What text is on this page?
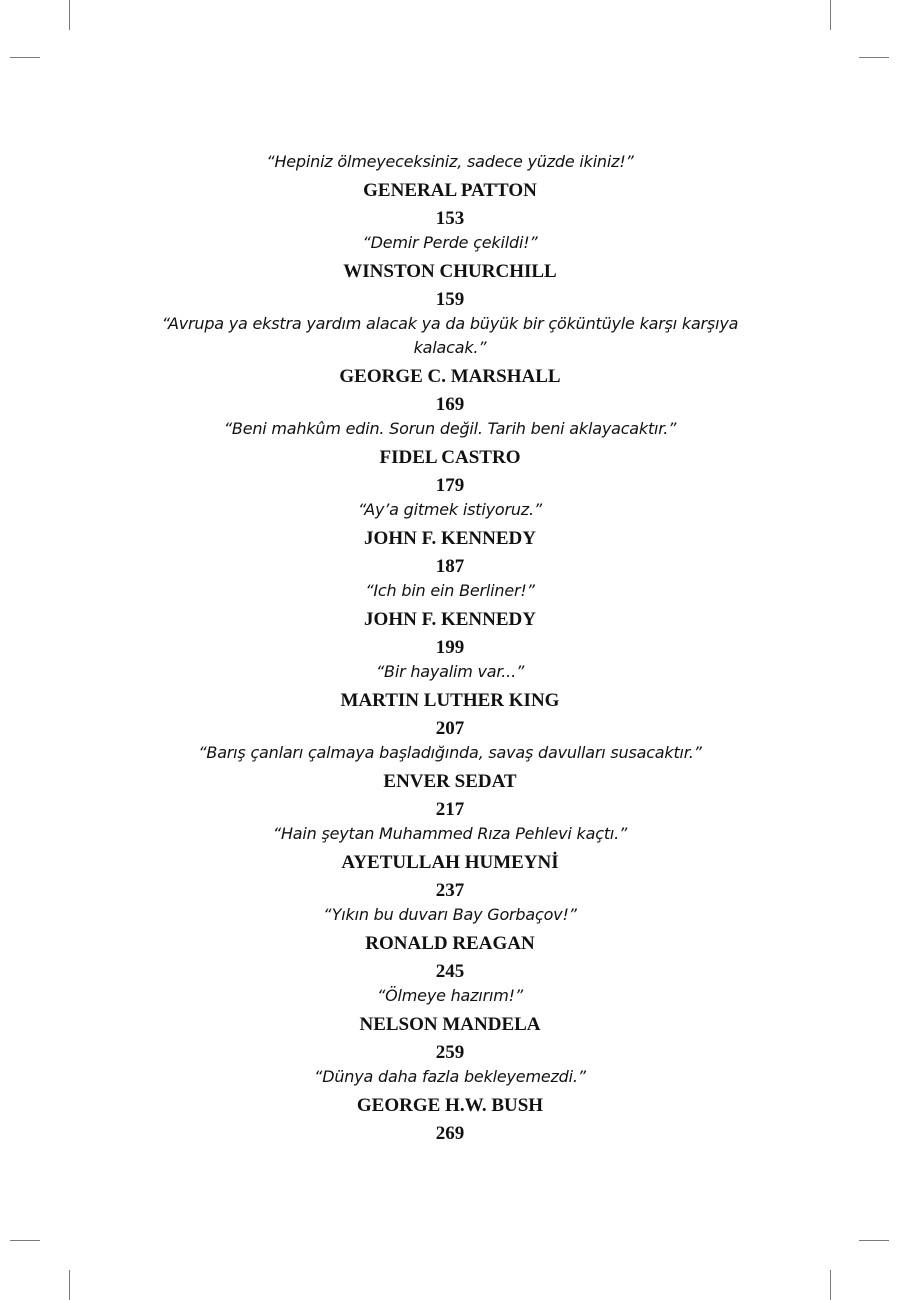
“Hepiniz ölmeyeceksiniz, sadece yüzde ikiniz!”

GENERAL PATTON

153

“Demir Perde çekildi!”

WINSTON CHURCHILL

159

“Avrupa ya ekstra yardım alacak ya da büyük bir çöküntüyle karşı karşıya kalacak.”

GEORGE C. MARSHALL

169

“Beni mahkûm edin. Sorun değil. Tarih beni aklayacaktır.”

FIDEL CASTRO

179

“Ay’a gitmek istiyoruz.”

JOHN F. KENNEDY

187

“Ich bin ein Berliner!”

JOHN F. KENNEDY

199

“Bir hayalim var...”

MARTIN LUTHER KING

207

“Barış çanları çalmaya başladığında, savaş davulları susacaktır.”

ENVER SEDAT

217

“Hain şeytan Muhammed Rıza Pehlevi kaçtı.”

AYETULLAH HUMEYNİ

237

“Yıkın bu duvarı Bay Gorbaçov!”

RONALD REAGAN

245

“Ölmeye hazırım!”

NELSON MANDELA

259

“Dünya daha fazla bekleyemezdi.”

GEORGE H.W. BUSH

269
